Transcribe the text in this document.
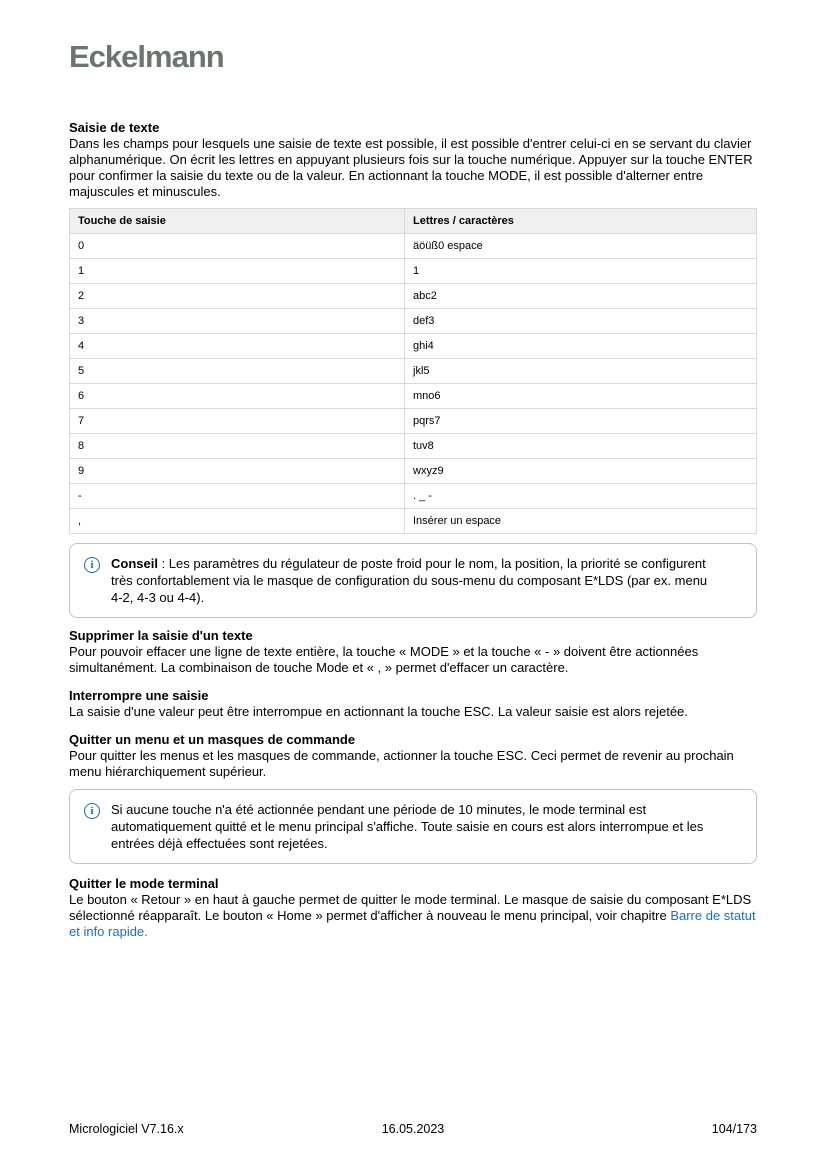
Eckelmann
Saisie de texte

Dans les champs pour lesquels une saisie de texte est possible, il est possible d'entrer celui-ci en se servant du clavier alphanumérique. On écrit les lettres en appuyant plusieurs fois sur la touche numérique. Appuyer sur la touche ENTER pour confirmer la saisie du texte ou de la valeur. En actionnant la touche MODE, il est possible d'alterner entre majuscules et minuscules.

Touche de saisie	Lettres / caractères
0	äöüß0 espace
1	1
2	abc2
3	def3
4	ghi4
5	jkl5
6	mno6
7	pqrs7
8	tuv8
9	wxyz9
-	. _ -
,	Insérer un espace
i	Conseil : Les paramètres du régulateur de poste froid pour le nom, la position, la priorité se configurent très confortablement via le masque de configuration du sous-menu du composant E*LDS (par ex. menu 4-2, 4-3 ou 4-4).
Supprimer la saisie d'un texte

Pour pouvoir effacer une ligne de texte entière, la touche « MODE » et la touche « - » doivent être actionnées simultanément. La combinaison de touche Mode et « , » permet d'effacer un caractère.

Interrompre une saisie

La saisie d'une valeur peut être interrompue en actionnant la touche ESC. La valeur saisie est alors rejetée.

Quitter un menu et un masques de commande

Pour quitter les menus et les masques de commande, actionner la touche ESC. Ceci permet de revenir au prochain menu hiérarchiquement supérieur.

i	Si aucune touche n'a été actionnée pendant une période de 10 minutes, le mode terminal est automatiquement quitté et le menu principal s'affiche. Toute saisie en cours est alors interrompue et les entrées déjà effectuées sont rejetées.
Quitter le mode terminal

Le bouton « Retour » en haut à gauche permet de quitter le mode terminal. Le masque de saisie du composant E*LDS sélectionné réapparaît. Le bouton « Home » permet d'afficher à nouveau le menu principal, voir chapitre Barre de statut et info rapide.

Micrologiciel V7.16.x	16.05.2023	104/173
